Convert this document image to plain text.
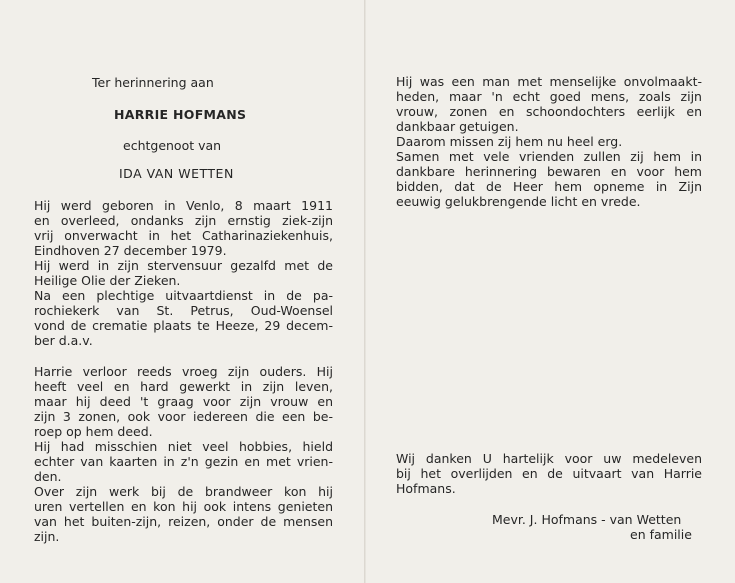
Ter herinnering aan
HARRIE HOFMANS
echtgenoot van
IDA VAN WETTEN
Hij werd geboren in Venlo, 8 maart 1911
en overleed, ondanks zijn ernstig ziek-zijn
vrij onverwacht in het Catharinaziekenhuis,
Eindhoven 27 december 1979.
Hij werd in zijn stervensuur gezalfd met de
Heilige Olie der Zieken.
Na een plechtige uitvaartdienst in de pa-
rochiekerk van St. Petrus, Oud-Woensel
vond de crematie plaats te Heeze, 29 decem-
ber d.a.v.
Harrie verloor reeds vroeg zijn ouders. Hij
heeft veel en hard gewerkt in zijn leven,
maar hij deed 't graag voor zijn vrouw en
zijn 3 zonen, ook voor iedereen die een be-
roep op hem deed.
Hij had misschien niet veel hobbies, hield
echter van kaarten in z'n gezin en met vrien-
den.
Over zijn werk bij de brandweer kon hij
uren vertellen en kon hij ook intens genieten
van het buiten-zijn, reizen, onder de mensen
zijn.
Hij was een man met menselijke onvolmaakt-
heden, maar 'n echt goed mens, zoals zijn
vrouw, zonen en schoondochters eerlijk en
dankbaar getuigen.
Daarom missen zij hem nu heel erg.
Samen met vele vrienden zullen zij hem in
dankbare herinnering bewaren en voor hem
bidden, dat de Heer hem opneme in Zijn
eeuwig gelukbrengende licht en vrede.
Wij danken U hartelijk voor uw medeleven
bij het overlijden en de uitvaart van Harrie
Hofmans.
Mevr. J. Hofmans - van Wetten
en familie
